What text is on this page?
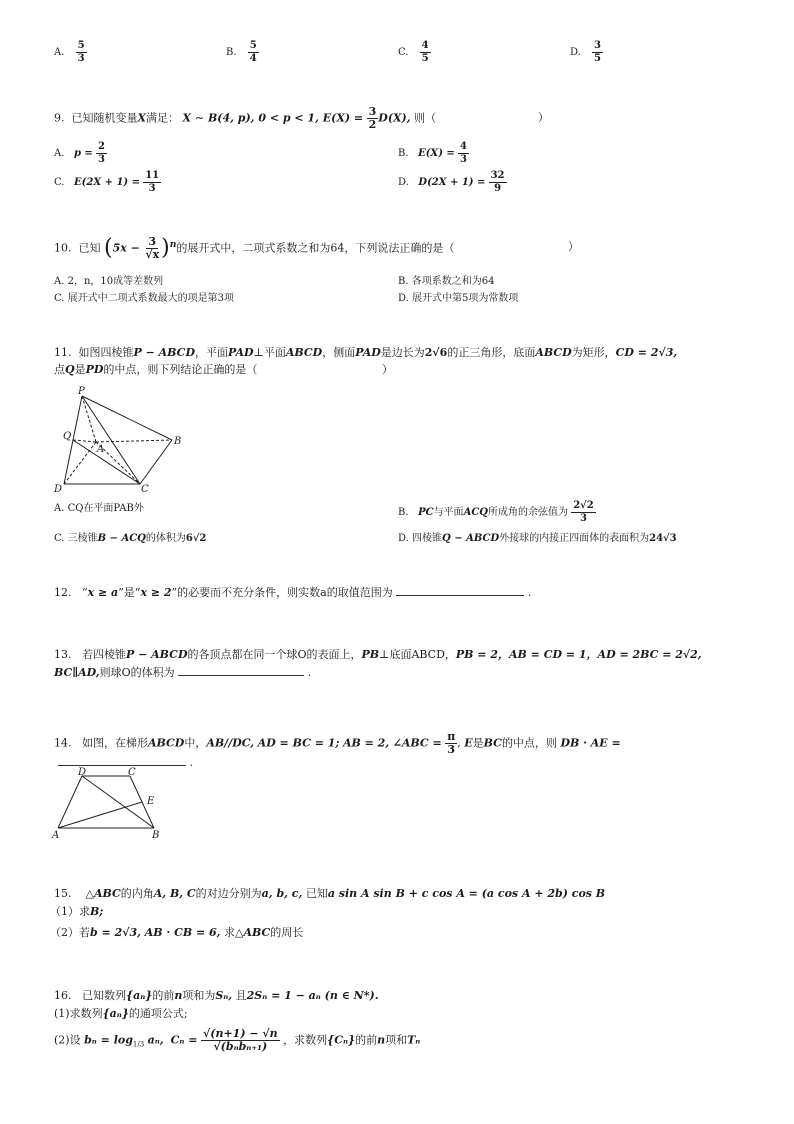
A. $\frac{5}{3}$	B. $\frac{5}{4}$	C. $\frac{4}{5}$	D. $\frac{3}{5}$
9. 已知随机变量X满足： X ∼ B(4, p), 0 < p < 1, $E(X) = \frac{3}{2} D(X)$, 则（	）
A. $p = \frac{2}{3}$	B. $E(X) = \frac{4}{3}$
C. $E(2X + 1) = \frac{11}{3}$	D. $D(2X + 1) = \frac{32}{9}$
10. 已知 $(5x - \frac{3}{√x} )^n$的展开式中，二项式系数之和为64，下列说法正确的是（	）
A. 2，n，10成等差数列	B. 各项系数之和为64
C. 展开式中二项式系数最大的项是第3项	D. 展开式中第5项为常数项
11. 如图四棱锥P − ABCD，平面PAD⊥平面ABCD，侧面PAD是边长为2√6的正三角形，底面ABCD为矩形，CD = 2√3,
点Q是PD的中点，则下列结论正确的是（	）
P
Q
A
B
C
D
A. CQ在平面PAB外	B. PC与平面ACQ所成角的余弦值为 $\frac{2√2}{3}$
C. 三棱锥B − ACQ的体积为6√2	D. 四棱锥Q − ABCD外接球的内接正四面体的表面积为24√3
12. “x ≥ a”是“x ≥ 2”的必要而不充分条件，则实数a的取值范围为	.
13. 若四棱锥P − ABCD的各顶点都在同一个球O的表面上，PB⊥底面ABCD，PB = 2，AB = CD = 1，AD = 2BC = 2√2,
BC∥AD,则球O的体积为	.
14. 如图，在梯形ABCD中，AB//DC, AD = BC = 1; AB = 2, ∠ABC = $\frac{\pi}{3}$ , E是BC的中点，则 DB · AE =
.
D	C
E
A	B
15. △ABC的内角A, B, C的对边分别为a, b, c, 已知a sin A sin B + c cos A = (a cos A + 2b) cos B
（1）求B;
（2）若b = 2√3, AB · CB = 6, 求△ABC的周长
16. 已知数列{aₙ}的前n项和为Sₙ, 且2Sₙ = 1 − aₙ (n ∈ N*).
(1)求数列{aₙ}的通项公式;
(2)设 $b_n = \log_{1/3} a_n$, $C_n = \frac{√(n+1) - √n}{\text{√(bₙbₙ₊₁)}}$ ，求数列{Cₙ}的前n项和Tₙ
